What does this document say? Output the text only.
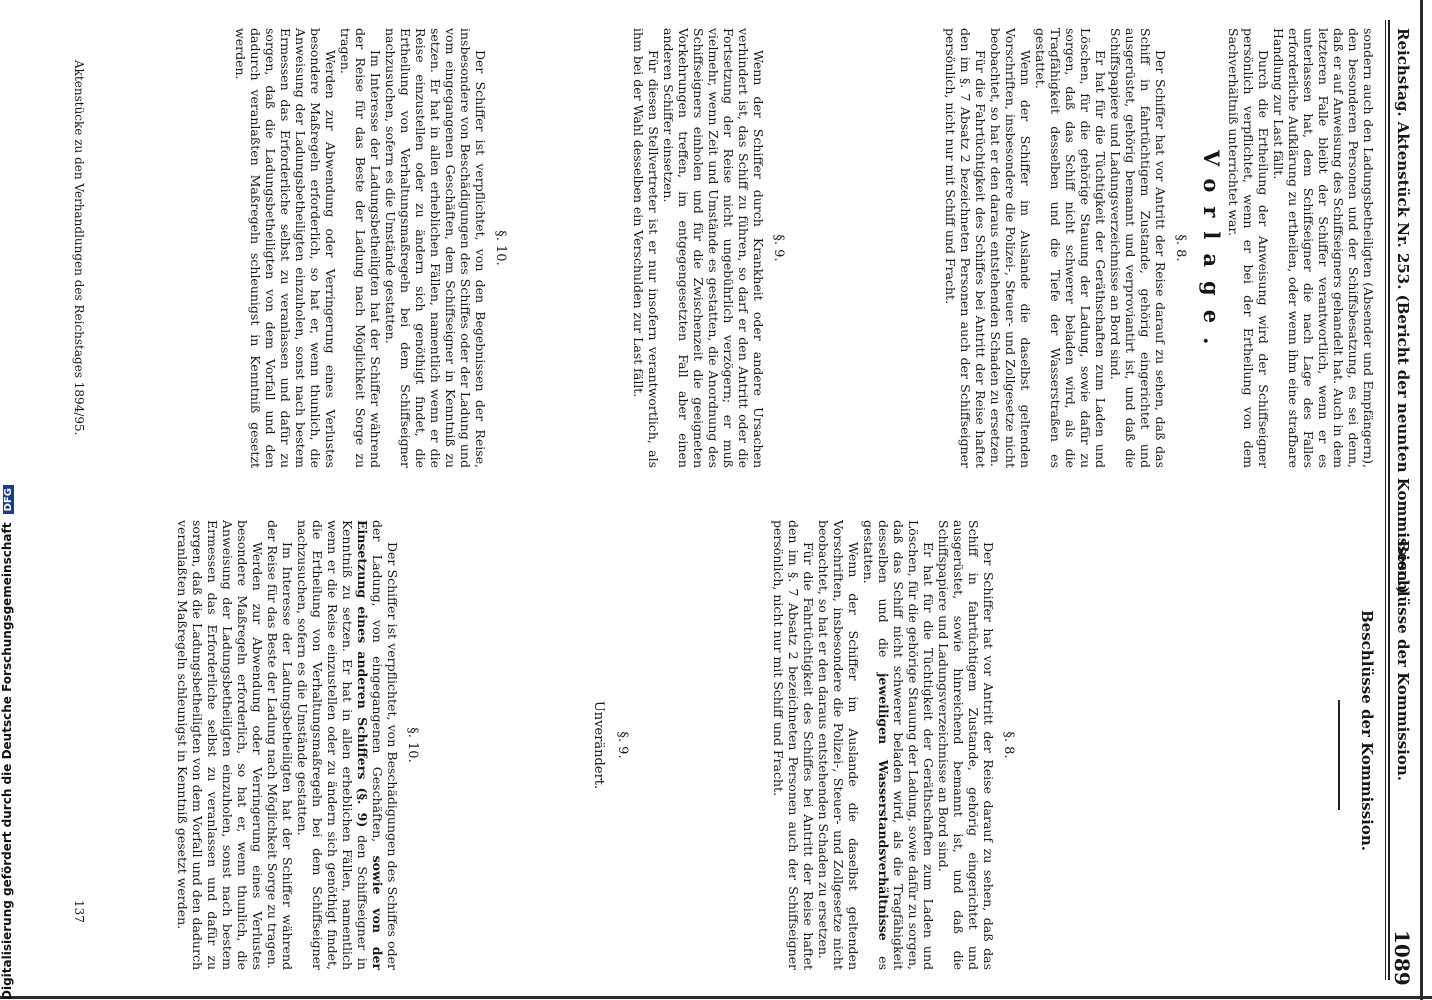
Reichstag. Aktenstück Nr. 253. (Bericht der neunten Kommission.)
Beschlüsse der Kommission.
1089

sondern auch den Ladungsbetheiligten (Absender und Empfängern), den besonderen Personen und der Schiffsbesatzung, es sei denn, daß er auf Anweisung des Schiffseigners gehandelt hat. Auch in dem letzteren Falle bleibt der Schiffer verantwortlich, wenn er es unterlassen hat, dem Schiffseigner die nach Lage des Falles erforderliche Aufklärung zu ertheilen, oder wenn ihm eine strafbare Handlung zur Last fällt.

Durch die Ertheilung der Anweisung wird der Schiffseigner persönlich verpflichtet, wenn er bei der Ertheilung von dem Sachverhältniß unterrichtet war.

Vorlage.
§. 8.

Der Schiffer hat vor Antritt der Reise darauf zu sehen, daß das Schiff in fahrtüchtigem Zustande, gehörig eingerichtet und ausgerüstet, gehörig bemannt und verproviantirt ist, und daß die Schiffspapiere und Ladungsverzeichnisse an Bord sind.

Er hat für die Tüchtigkeit der Geräthschaften zum Laden und Löschen, für die gehörige Stauung der Ladung, sowie dafür zu sorgen, daß das Schiff nicht schwerer beladen wird, als die Tragfähigkeit desselben und die Tiefe der Wasserstraßen es gestattet.

Wenn der Schiffer im Auslande die daselbst geltenden Vorschriften, insbesondere die Polizei-, Steuer- und Zollgesetze nicht beobachtet, so hat er den daraus entstehenden Schaden zu ersetzen.

Für die Fahrtüchtigkeit des Schiffes bei Antritt der Reise haftet den im §. 7 Absatz 2 bezeichneten Personen auch der Schiffseigner persönlich, nicht nur mit Schiff und Fracht.

§. 9.

Wenn der Schiffer durch Krankheit oder andere Ursachen verhindert ist, das Schiff zu führen, so darf er den Antritt oder die Fortsetzung der Reise nicht ungebührlich verzögern; er muß vielmehr, wenn Zeit und Umstände es gestatten, die Anordnung des Schiffseigners einholen und für die Zwischenzeit die geeigneten Vorkehrungen treffen, im entgegengesetzten Fall aber einen anderen Schiffer einsetzen.

Für diesen Stellvertreter ist er nur insofern verantwortlich, als ihm bei der Wahl desselben ein Verschulden zur Last fällt.

§. 10.

Der Schiffer ist verpflichtet, von den Begebnissen der Reise, insbesondere von Beschädigungen des Schiffes oder der Ladung und vom eingegangenen Geschäften, dem Schiffseigner in Kenntniß zu setzen. Er hat in allen erheblichen Fällen, namentlich wenn er die Reise einzustellen oder zu ändern sich genöthigt findet, die Ertheilung von Verhaltungsmaßregeln bei dem Schiffseigner nachzusuchen, sofern es die Umstände gestatten.

Im Interesse der Ladungsbetheiligten hat der Schiffer während der Reise für das Beste der Ladung nach Möglichkeit Sorge zu tragen.

Werden zur Abwendung oder Verringerung eines Verlustes besondere Maßregeln erforderlich, so hat er, wenn thunlich, die Anweisung der Ladungsbetheiligten einzuholen, sonst nach bestem Ermessen das Erforderliche selbst zu veranlassen und dafür zu sorgen, daß die Ladungsbetheiligten von dem Vorfall und den dadurch veranlaßten Maßregeln schleunigst in Kenntniß gesetzt werden.

Aktenstücke zu den Verhandlungen des Reichstages 1894/95.
Beschlüsse der Kommission.
§. 8.

Der Schiffer hat vor Antritt der Reise darauf zu sehen, daß das Schiff in fahrtüchtigem Zustande, gehörig eingerichtet und ausgerüstet, sowie hinreichend bemannt ist, und daß die Schiffspapiere und Ladungsverzeichnisse an Bord sind.

Er hat für die Tüchtigkeit der Geräthschaften zum Laden und Löschen, für die gehörige Stauung der Ladung, sowie dafür zu sorgen, daß das Schiff nicht schwerer beladen wird, als die Tragfähigkeit desselben und die jeweiligen Wasserstandsverhältnisse es gestatten.

Wenn der Schiffer im Auslande die daselbst geltenden Vorschriften, insbesondere die Polizei-, Steuer- und Zollgesetze nicht beobachtet, so hat er den daraus entstehenden Schaden zu ersetzen.

Für die Fahrtüchtigkeit des Schiffes bei Antritt der Reise haftet den im §. 7 Absatz 2 bezeichneten Personen auch der Schiffseigner persönlich, nicht nur mit Schiff und Fracht.

§. 9.
Unverändert.
§. 10.

Der Schiffer ist verpflichtet, von Beschädigungen des Schiffes oder der Ladung, von eingegangenen Geschäften, sowie von der Einsetzung eines anderen Schiffers (§. 9) den Schiffseigner in Kenntniß zu setzen. Er hat in allen erheblichen Fällen, namentlich wenn er die Reise einzustellen oder zu ändern sich genöthigt findet, die Ertheilung von Verhaltungsmaßregeln bei dem Schiffseigner nachzusuchen, sofern es die Umstände gestatten.

Im Interesse der Ladungsbetheiligten hat der Schiffer während der Reise für das Beste der Ladung nach Möglichkeit Sorge zu tragen.

Werden zur Abwendung oder Verringerung eines Verlustes besondere Maßregeln erforderlich, so hat er, wenn thunlich, die Anweisung der Ladungsbetheiligten einzuholen, sonst nach bestem Ermessen das Erforderliche selbst zu veranlassen und dafür zu sorgen, daß die Ladungsbetheiligten von dem Vorfall und den dadurch veranlaßten Maßregeln schleunigst in Kenntniß gesetzt werden.

137
Digitalisierung gefördert durch die Deutsche Forschungsgemeinschaft DFG
